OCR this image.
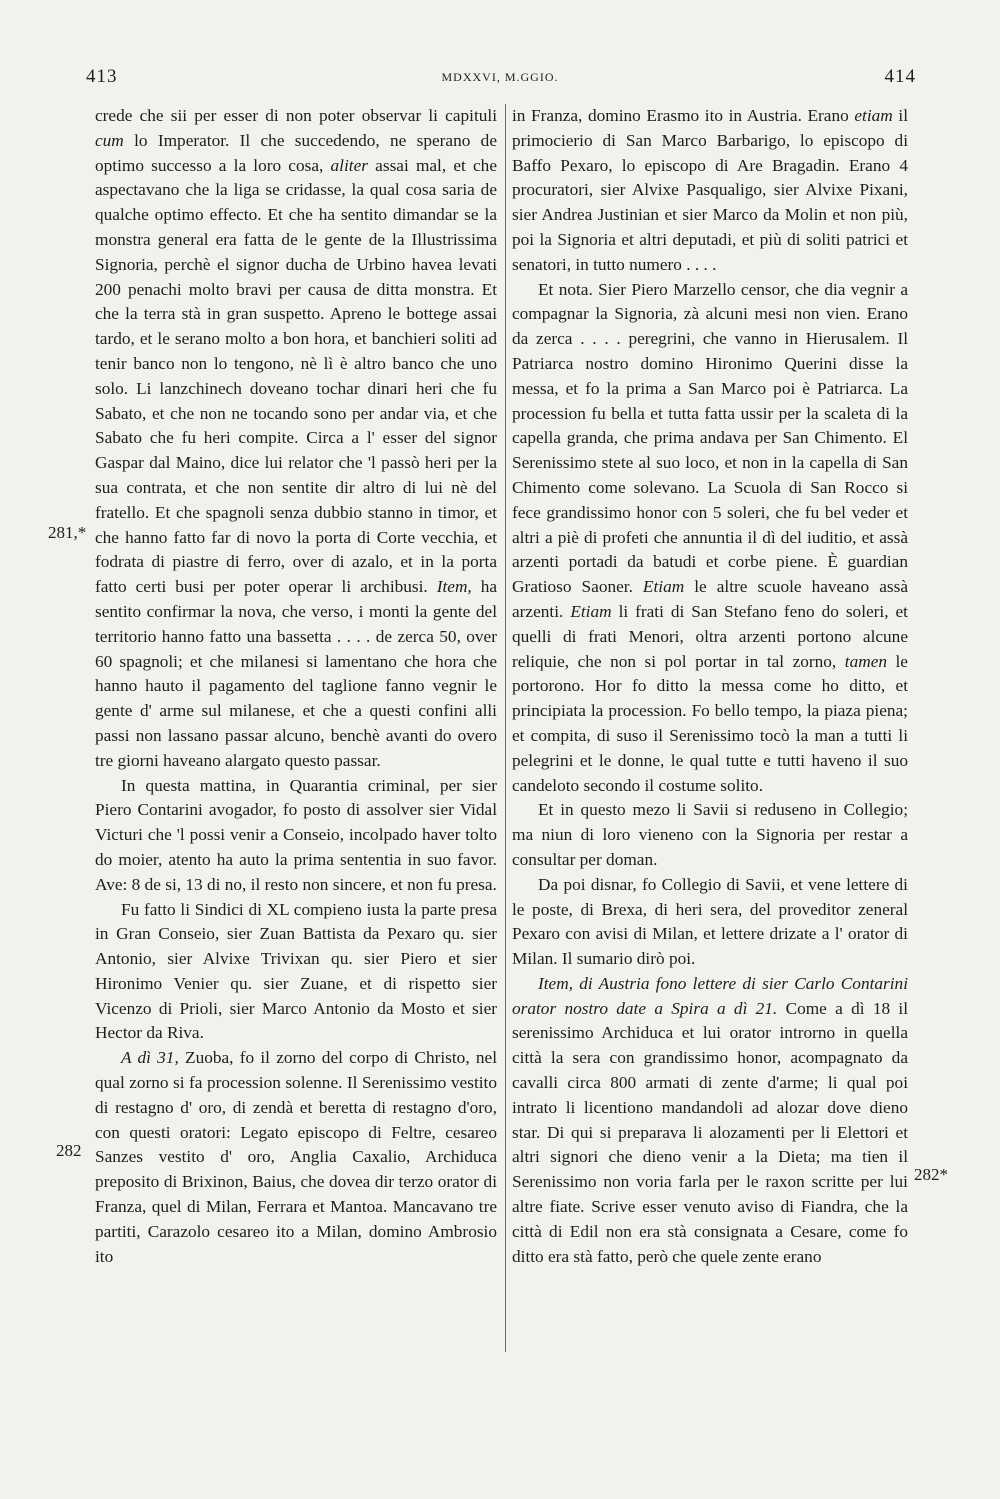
413	MDXXVI, M.GGIO.	414
281,*
282
282*

crede che sii per esser di non poter observar li capituli cum lo Imperator. Il che succedendo, ne sperano de optimo successo a la loro cosa, aliter assai mal, et che aspectavano che la liga se cridasse, la qual cosa saria de qualche optimo effecto. Et che ha sentito dimandar se la monstra general era fatta de le gente de la Illustrissima Signoria, perchè el signor ducha de Urbino havea levati 200 penachi molto bravi per causa de ditta monstra. Et che la terra stà in gran suspetto. Apreno le bottege assai tardo, et le serano molto a bon hora, et banchieri soliti ad tenir banco non lo tengono, nè lì è altro banco che uno solo. Li lanzchinech doveano tochar dinari heri che fu Sabato, et che non ne tocando sono per andar via, et che Sabato che fu heri compite. Circa a l' esser del signor Gaspar dal Maino, dice lui relator che 'l passò heri per la sua contrata, et che non sentite dir altro di lui nè del fratello. Et che spagnoli senza dubbio stanno in timor, et che hanno fatto far di novo la porta di Corte vecchia, et fodrata di piastre di ferro, over di azalo, et in la porta fatto certi busi per poter operar li archibusi. Item, ha sentito confirmar la nova, che verso, i monti la gente del territorio hanno fatto una bassetta . . . . de zerca 50, over 60 spagnoli; et che milanesi si lamentano che hora che hanno hauto il pagamento del taglione fanno vegnir le gente d' arme sul milanese, et che a questi confini alli passi non lassano passar alcuno, benchè avanti do overo tre giorni haveano alargato questo passar.

In questa mattina, in Quarantia criminal, per sier Piero Contarini avogador, fo posto di assolver sier Vidal Victuri che 'l possi venir a Conseio, incolpado haver tolto do moier, atento ha auto la prima sententia in suo favor. Ave: 8 de si, 13 di no, il resto non sincere, et non fu presa.

Fu fatto li Sindici di XL compieno iusta la parte presa in Gran Conseio, sier Zuan Battista da Pexaro qu. sier Antonio, sier Alvixe Trivixan qu. sier Piero et sier Hironimo Venier qu. sier Zuane, et di rispetto sier Vicenzo di Prioli, sier Marco Antonio da Mosto et sier Hector da Riva.

A dì 31, Zuoba, fo il zorno del corpo di Christo, nel qual zorno si fa procession solenne. Il Serenissimo vestito di restagno d' oro, di zendà et beretta di restagno d'oro, con questi oratori: Legato episcopo di Feltre, cesareo Sanzes vestito d' oro, Anglia Caxalio, Archiduca preposito di Brixinon, Baius, che dovea dir terzo orator di Franza, quel di Milan, Ferrara et Mantoa. Mancavano tre partiti, Carazolo cesareo ito a Milan, domino Ambrosio ito

in Franza, domino Erasmo ito in Austria. Erano etiam il primocierio di San Marco Barbarigo, lo episcopo di Baffo Pexaro, lo episcopo di Are Bragadin. Erano 4 procuratori, sier Alvixe Pasqualigo, sier Alvixe Pixani, sier Andrea Justinian et sier Marco da Molin et non più, poi la Signoria et altri deputadi, et più di soliti patrici et senatori, in tutto numero . . . .

Et nota. Sier Piero Marzello censor, che dia vegnir a compagnar la Signoria, zà alcuni mesi non vien. Erano da zerca . . . . peregrini, che vanno in Hierusalem. Il Patriarca nostro domino Hironimo Querini disse la messa, et fo la prima a San Marco poi è Patriarca. La procession fu bella et tutta fatta ussir per la scaleta di la capella granda, che prima andava per San Chimento. El Serenissimo stete al suo loco, et non in la capella di San Chimento come solevano. La Scuola di San Rocco si fece grandissimo honor con 5 soleri, che fu bel veder et altri a piè di profeti che annuntia il dì del iuditio, et assà arzenti portadi da batudi et corbe piene. È guardian Gratioso Saoner. Etiam le altre scuole haveano assà arzenti. Etiam li frati di San Stefano feno do soleri, et quelli di frati Menori, oltra arzenti portono alcune reliquie, che non si pol portar in tal zorno, tamen le portorono. Hor fo ditto la messa come ho ditto, et principiata la procession. Fo bello tempo, la piaza piena; et compita, di suso il Serenissimo tocò la man a tutti li pelegrini et le donne, le qual tutte e tutti haveno il suo candeloto secondo il costume solito.

Et in questo mezo li Savii si reduseno in Collegio; ma niun di loro vieneno con la Signoria per restar a consultar per doman.

Da poi disnar, fo Collegio di Savii, et vene lettere di le poste, di Brexa, di heri sera, del proveditor zeneral Pexaro con avisi di Milan, et lettere drizate a l' orator di Milan. Il sumario dirò poi.

Item, di Austria fono lettere di sier Carlo Contarini orator nostro date a Spira a dì 21. Come a dì 18 il serenissimo Archiduca et lui orator introrno in quella città la sera con grandissimo honor, acompagnato da cavalli circa 800 armati di zente d'arme; li qual poi intrato li licentiono mandandoli ad alozar dove dieno star. Di qui si preparava li alozamenti per li Elettori et altri signori che dieno venir a la Dieta; ma tien il Serenissimo non voria farla per le raxon scritte per lui altre fiate. Scrive esser venuto aviso di Fiandra, che la città di Edil non era stà consignata a Cesare, come fo ditto era stà fatto, però che quele zente erano
